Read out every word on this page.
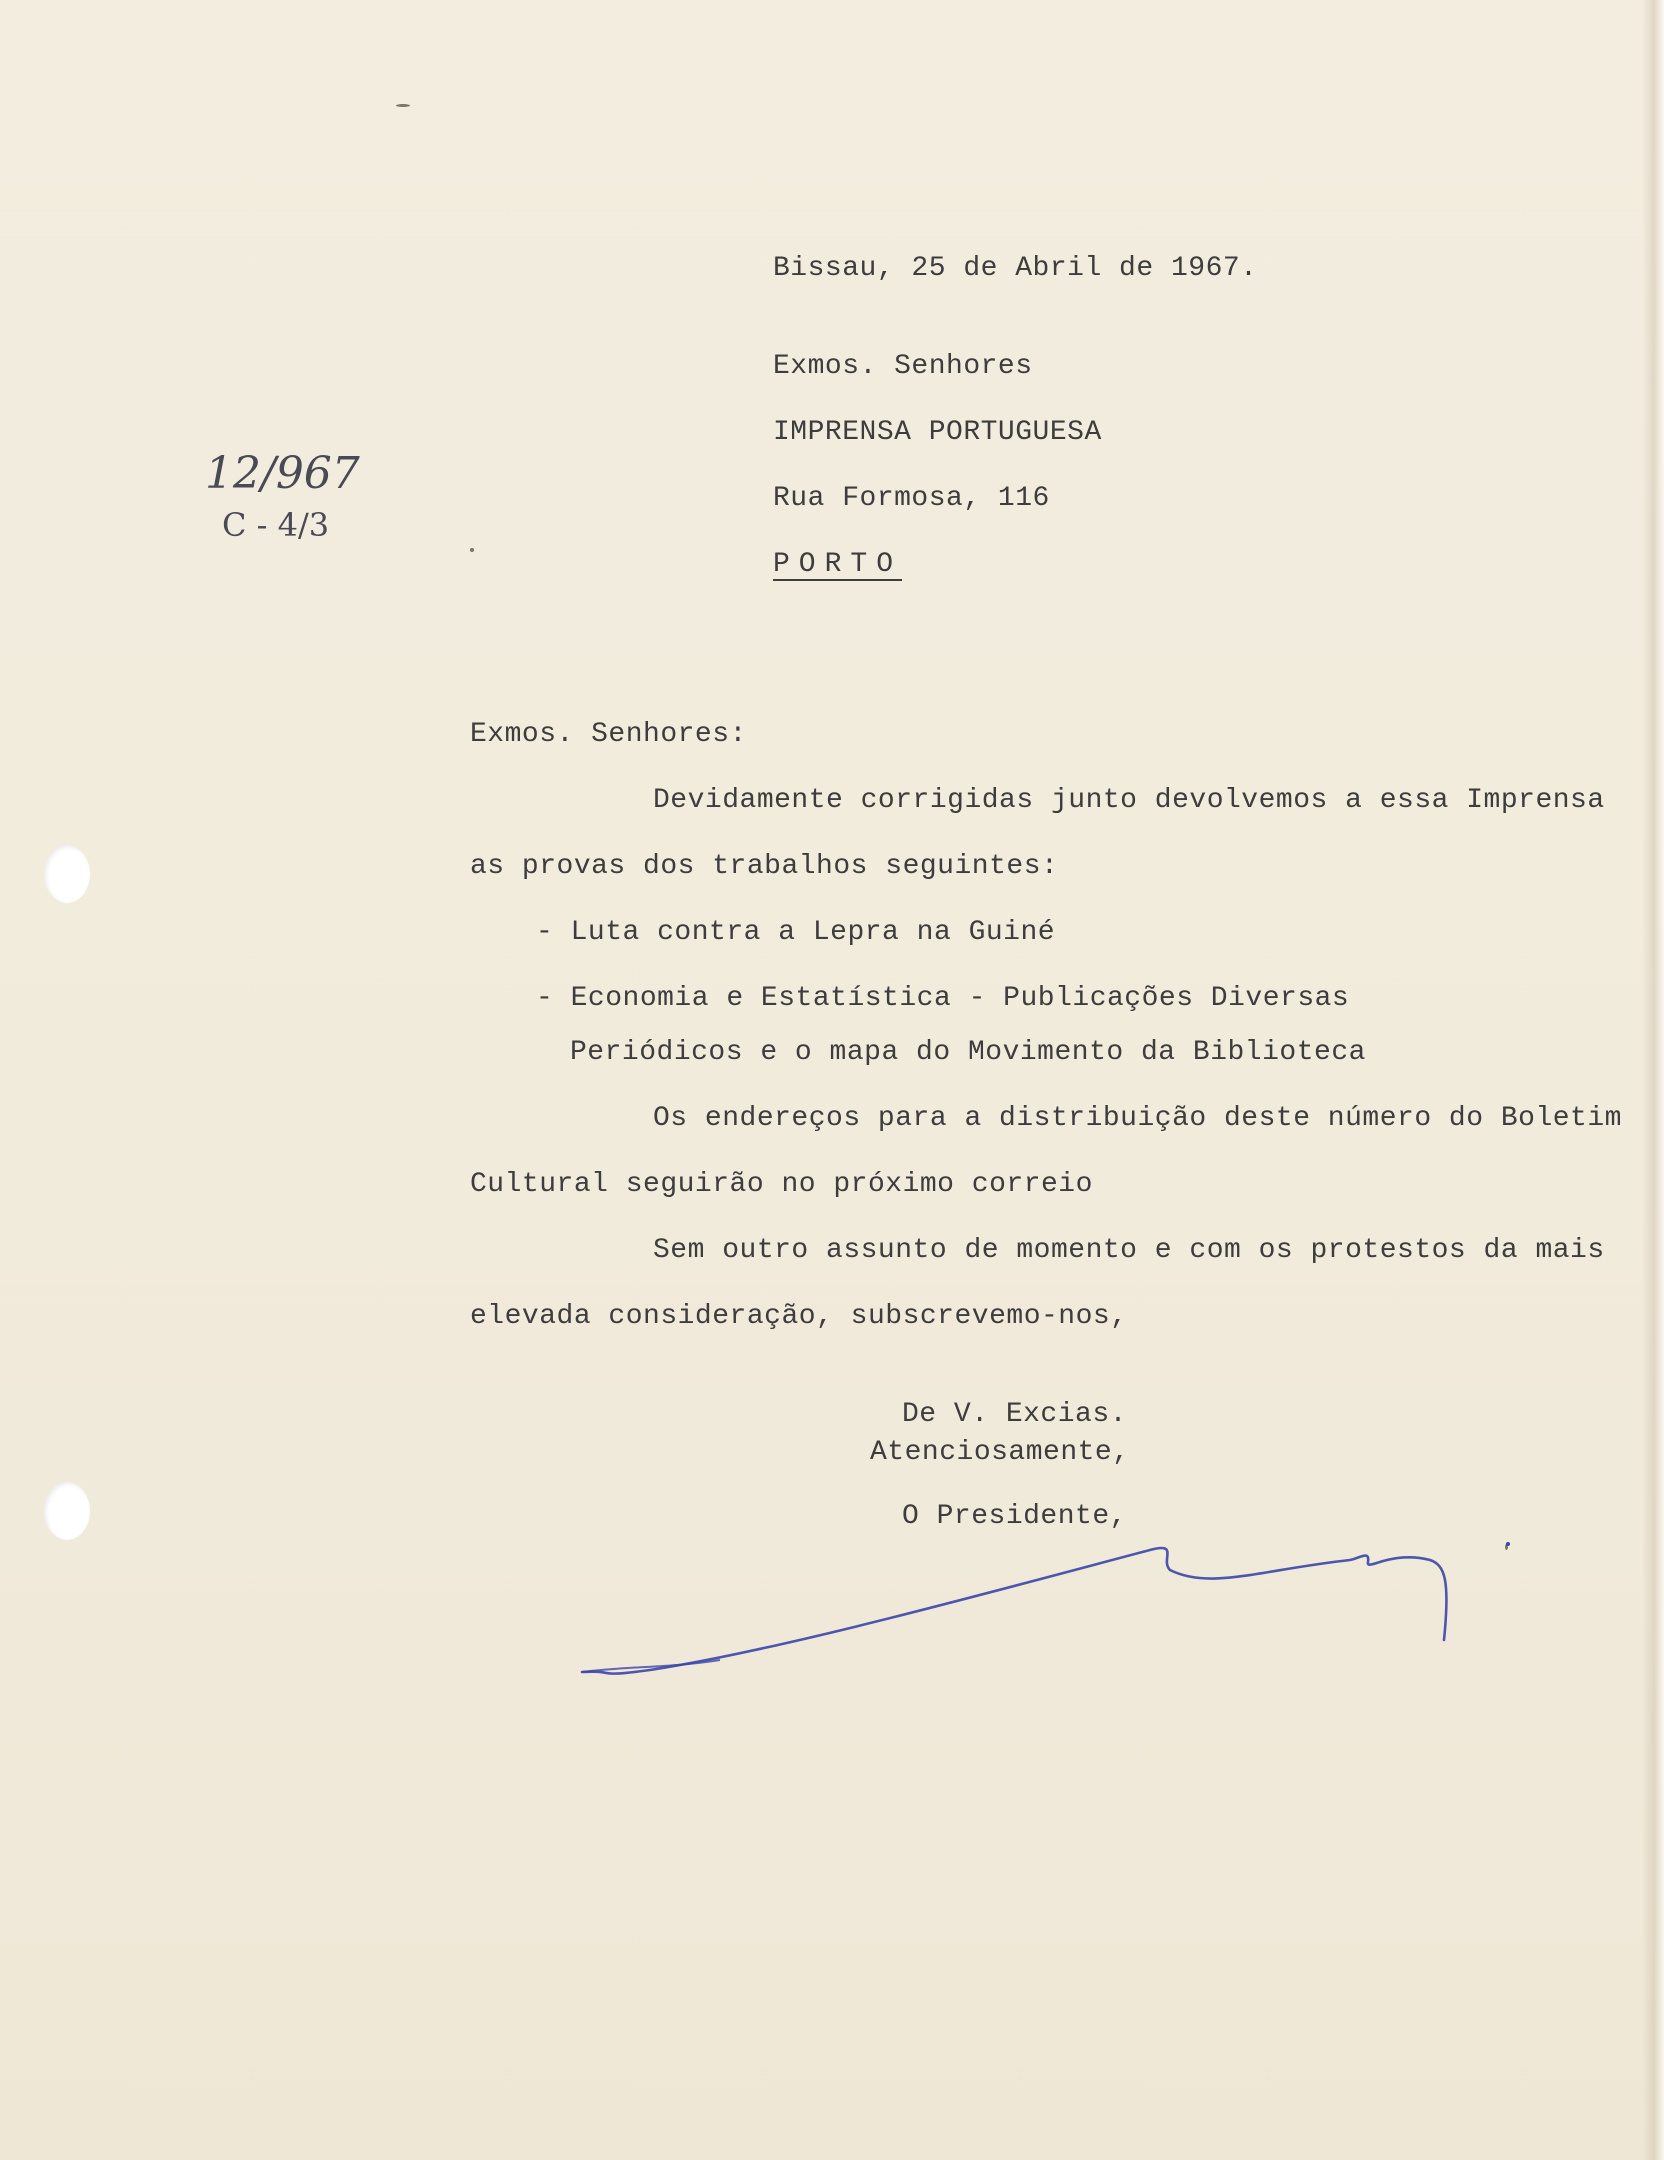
12/967
C - 4/3
Bissau, 25 de Abril de 1967.
Exmos. Senhores
IMPRENSA PORTUGUESA
Rua Formosa, 116
PORTO
Exmos. Senhores:
Devidamente corrigidas junto devolvemos a essa Imprensa
as provas dos trabalhos seguintes:
- Luta contra a Lepra na Guiné
- Economia e Estatística - Publicações Diversas
Periódicos e o mapa do Movimento da Biblioteca
Os endereços para a distribuição deste número do Boletim
Cultural seguirão no próximo correio
Sem outro assunto de momento e com os protestos da mais
elevada consideração, subscrevemo-nos,
De V. Excias.
Atenciosamente,
O Presidente,
